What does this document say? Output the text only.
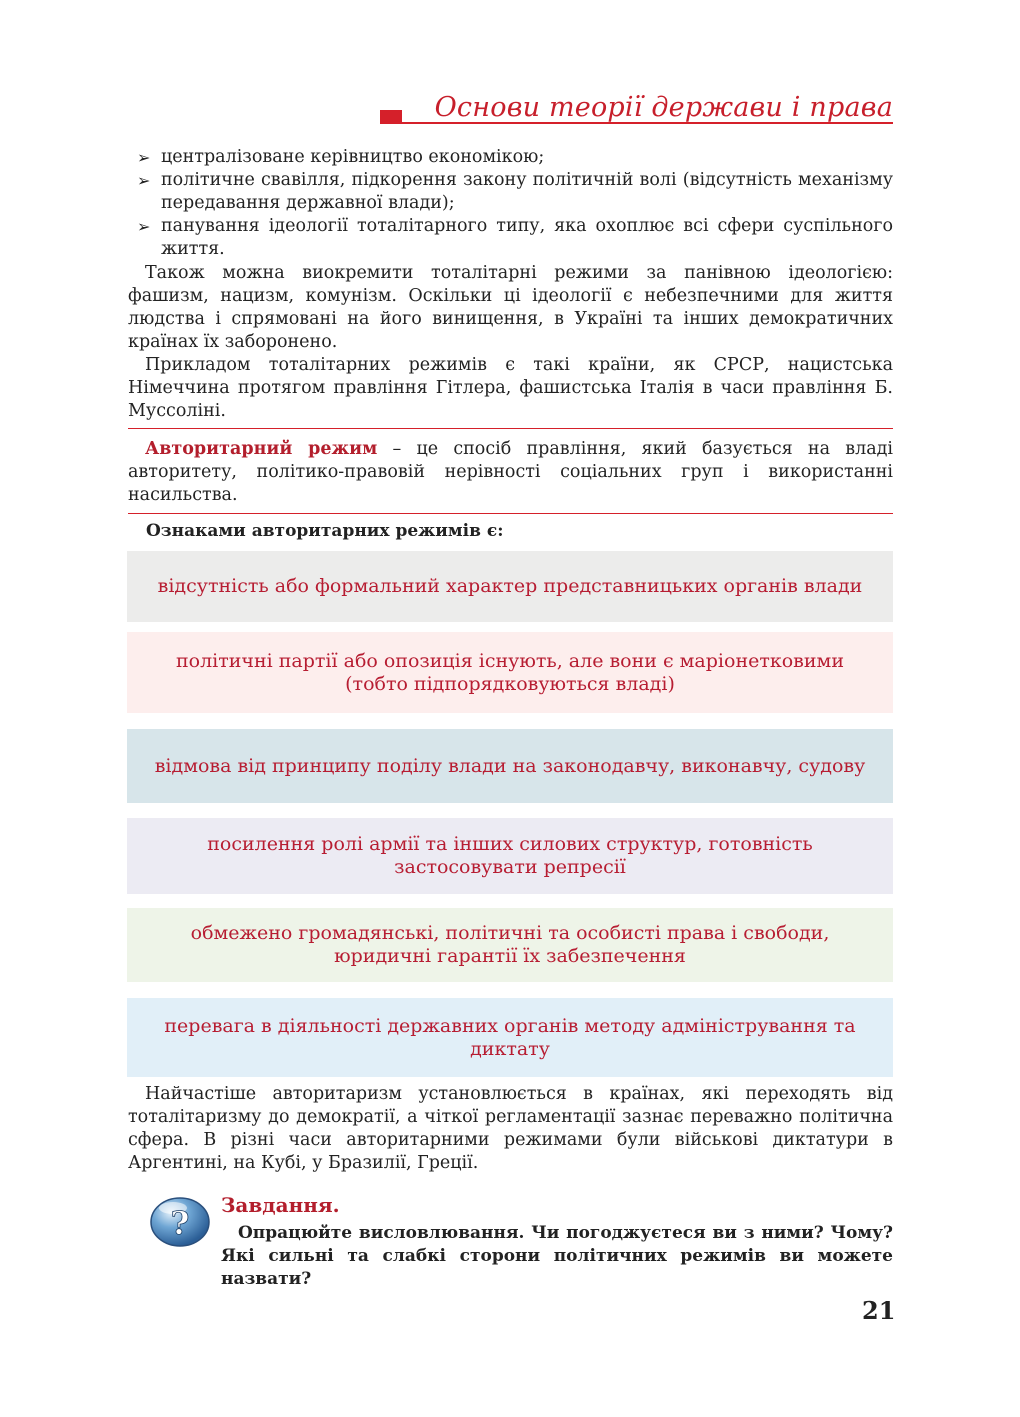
Основи теорії держави і права
➢ централізоване керівництво економікою;
➢ політичне свавілля, підкорення закону політичній волі (відсутність механізму передавання державної влади);
➢ панування ідеології тоталітарного типу, яка охоплює всі сфери суспільного життя.
Також можна виокремити тоталітарні режими за панівною ідеологією: фашизм, нацизм, комунізм. Оскільки ці ідеології є небезпечними для життя людства і спрямовані на його винищення, в Україні та інших демократичних країнах їх заборонено.
Прикладом тоталітарних режимів є такі країни, як СРСР, нацистська Німеччина протягом правління Гітлера, фашистська Італія в часи правління Б. Муссоліні.
Авторитарний режим – це спосіб правління, який базується на владі авторитету, політико-правовій нерівності соціальних груп і використанні насильства.
Ознаками авторитарних режимів є:
відсутність або формальний характер представницьких органів влади
політичні партії або опозиція існують, але вони є маріонетковими (тобто підпорядковуються владі)
відмова від принципу поділу влади на законодавчу, виконавчу, судову
посилення ролі армії та інших силових структур, готовність застосовувати репресії
обмежено громадянські, політичні та особисті права і свободи, юридичні гарантії їх забезпечення
перевага в діяльності державних органів методу адміністрування та диктату
Найчастіше авторитаризм установлюється в країнах, які переходять від тоталітаризму до демократії, а чіткої регламентації зазнає переважно політична сфера. В різні часи авторитарними режимами були військові диктатури в Аргентині, на Кубі, у Бразилії, Греції.
? Завдання.
Опрацюйте висловлювання. Чи погоджуєтеся ви з ними? Чому? Які сильні та слабкі сторони політичних режимів ви можете назвати?
21
